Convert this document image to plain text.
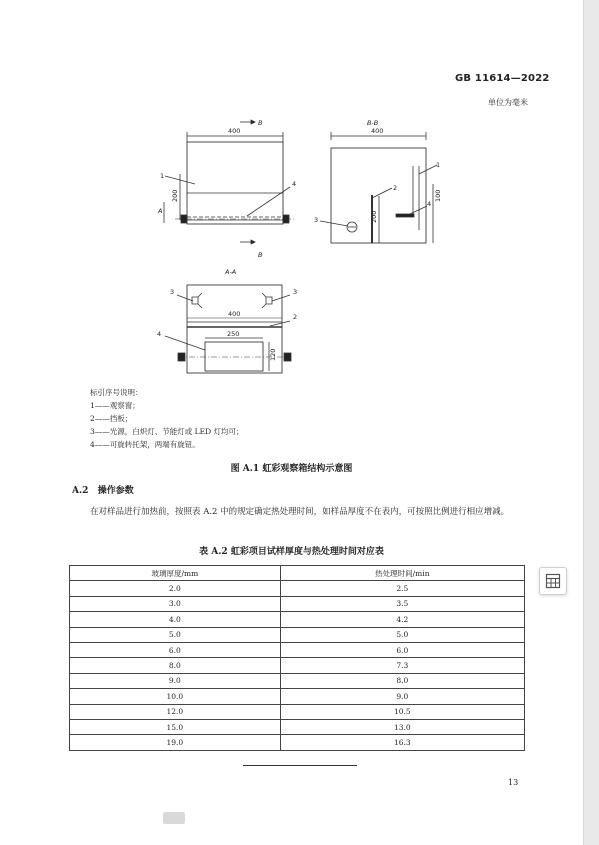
GB 11614—2022
单位为毫米
400
B
200
A
B
1
4
B-B
400
200
100
1
2
3
4
A-A
400
250
120
3	3
2
4
标引序号说明：
1——观察窗；
2——挡板；
3——光源，白炽灯、节能灯或 LED 灯均可；
4——可旋转托架，两端有旋钮。
图 A.1 虹彩观察箱结构示意图
A.2 操作参数
在对样品进行加热前，按照表 A.2 中的规定确定热处理时间，如样品厚度不在表内，可按照比例进行相应增减。
表 A.2 虹彩项目试样厚度与热处理时间对应表
玻璃厚度/mm	热处理时间/min
2.0	2.5
3.0	3.5
4.0	4.2
5.0	5.0
6.0	6.0
8.0	7.3
9.0	8.0
10.0	9.0
12.0	10.5
15.0	13.0
19.0	16.3
13
